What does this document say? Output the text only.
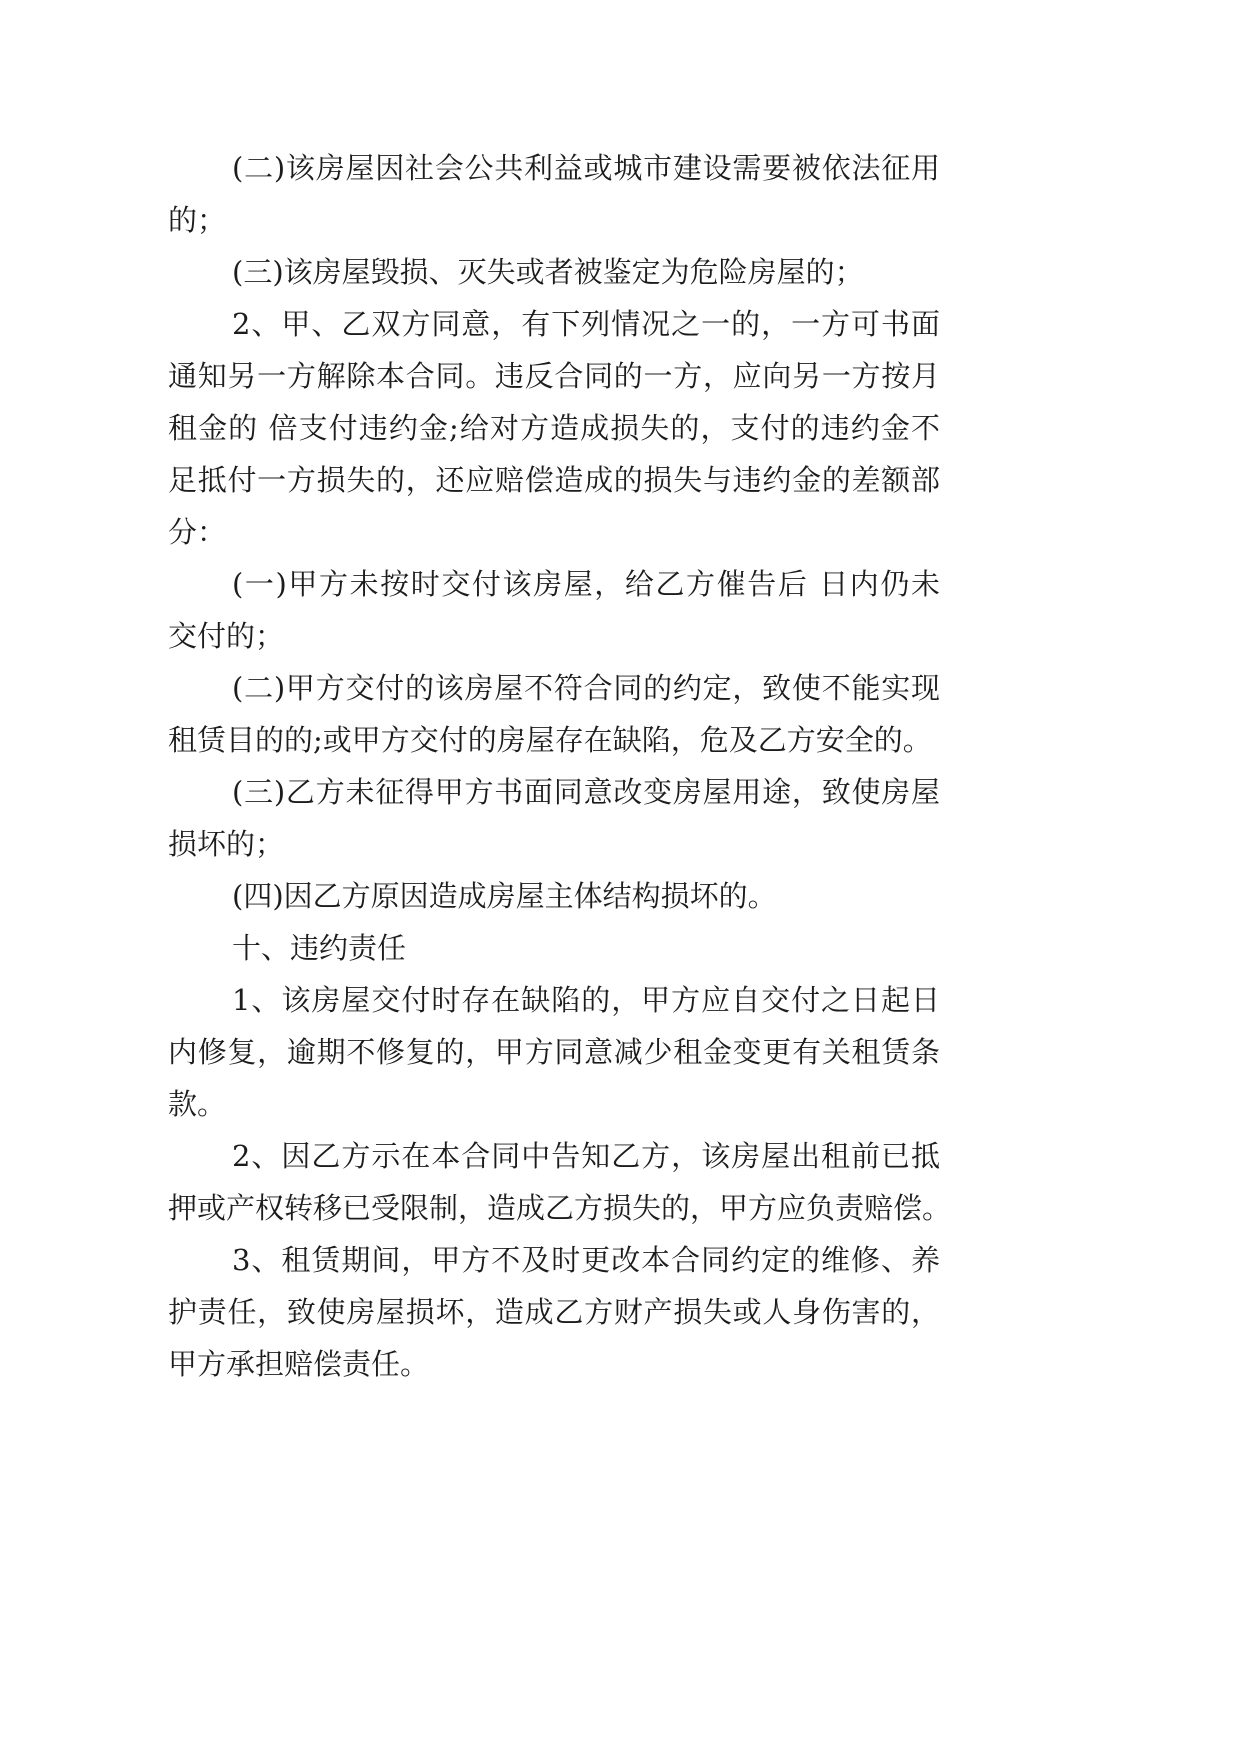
(二)该房屋因社会公共利益或城市建设需要被依法征用
的；
(三)该房屋毁损、灭失或者被鉴定为危险房屋的；
2、甲、乙双方同意，有下列情况之一的，一方可书面
通知另一方解除本合同。违反合同的一方，应向另一方按月
租金的 倍支付违约金;给对方造成损失的，支付的违约金不
足抵付一方损失的，还应赔偿造成的损失与违约金的差额部
分：
(一)甲方未按时交付该房屋，给乙方催告后 日内仍未
交付的；
(二)甲方交付的该房屋不符合同的约定，致使不能实现
租赁目的的;或甲方交付的房屋存在缺陷，危及乙方安全的。
(三)乙方未征得甲方书面同意改变房屋用途，致使房屋
损坏的；
(四)因乙方原因造成房屋主体结构损坏的。
十、违约责任
1、该房屋交付时存在缺陷的，甲方应自交付之日起日
内修复，逾期不修复的，甲方同意减少租金变更有关租赁条
款。
2、因乙方示在本合同中告知乙方，该房屋出租前已抵
押或产权转移已受限制，造成乙方损失的，甲方应负责赔偿。
3、租赁期间，甲方不及时更改本合同约定的维修、养
护责任，致使房屋损坏，造成乙方财产损失或人身伤害的，
甲方承担赔偿责任。
